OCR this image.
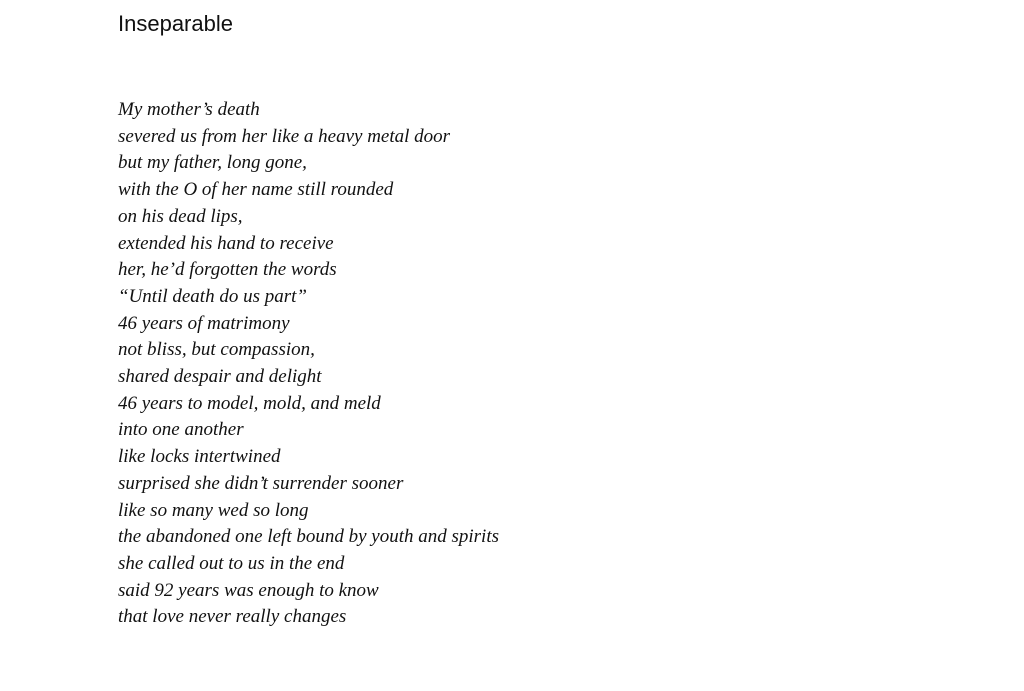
Inseparable
My mother’s death
severed us from her like a heavy metal door
but my father, long gone,
with the O of her name still rounded
on his dead lips,
extended his hand to receive
her, he’d forgotten the words
“Until death do us part”
46 years of matrimony
not bliss, but compassion,
shared despair and delight
46 years to model, mold, and meld
into one another
like locks intertwined
surprised she didn’t surrender sooner
like so many wed so long
the abandoned one left bound by youth and spirits
she called out to us in the end
said 92 years was enough to know
that love never really changes
